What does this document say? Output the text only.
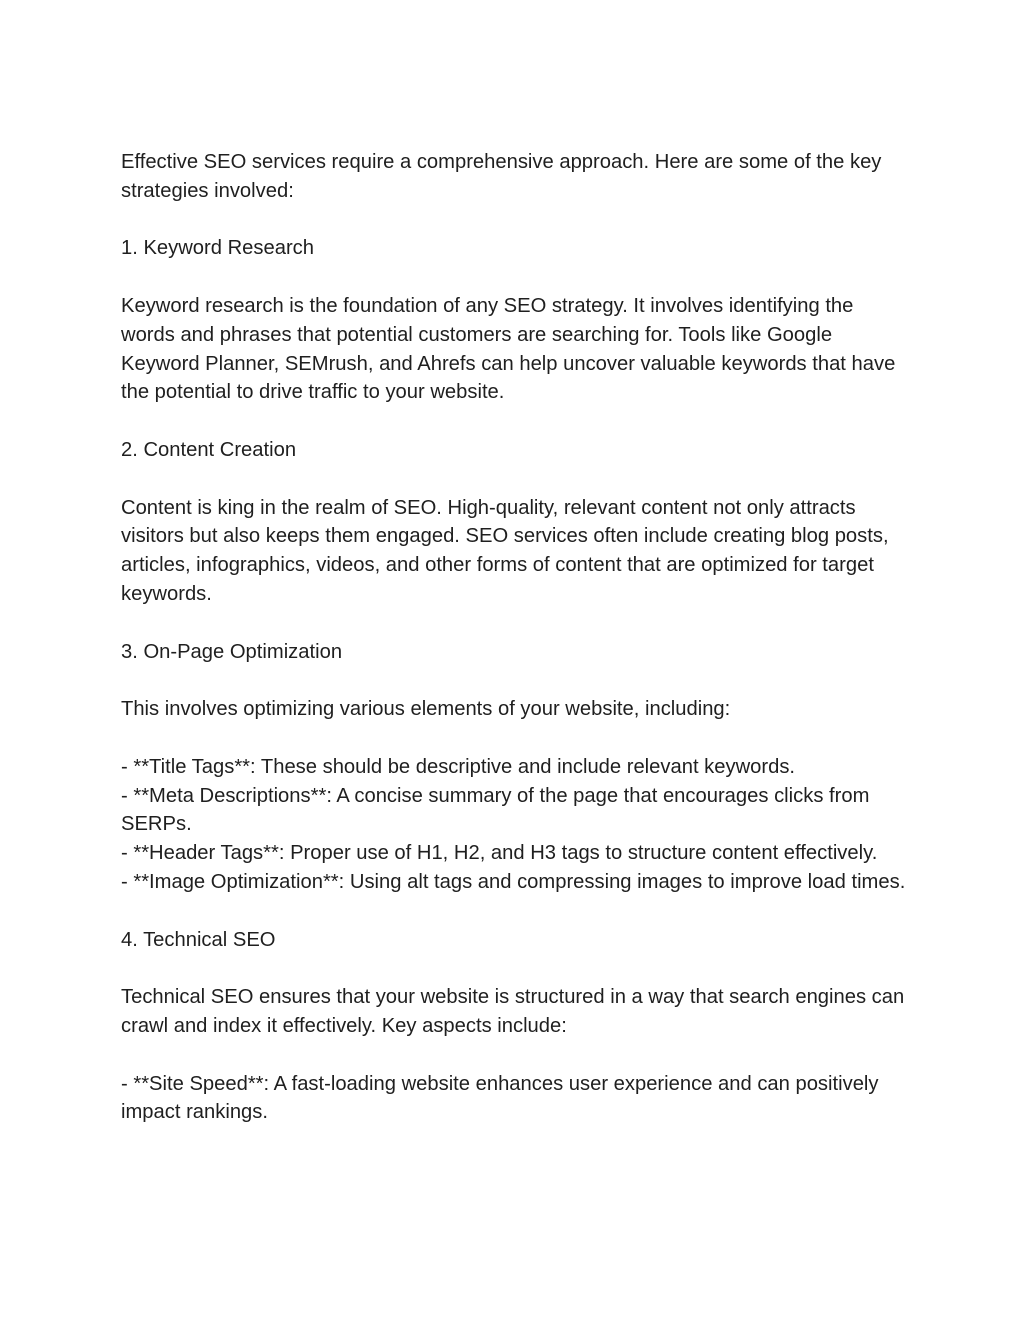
Effective SEO services require a comprehensive approach. Here are some of the key strategies involved:

1. Keyword Research

Keyword research is the foundation of any SEO strategy. It involves identifying the words and phrases that potential customers are searching for. Tools like Google Keyword Planner, SEMrush, and Ahrefs can help uncover valuable keywords that have the potential to drive traffic to your website.

2. Content Creation

Content is king in the realm of SEO. High-quality, relevant content not only attracts visitors but also keeps them engaged. SEO services often include creating blog posts, articles, infographics, videos, and other forms of content that are optimized for target keywords.

3. On-Page Optimization

This involves optimizing various elements of your website, including:

- **Title Tags**: These should be descriptive and include relevant keywords.
- **Meta Descriptions**: A concise summary of the page that encourages clicks from SERPs.
- **Header Tags**: Proper use of H1, H2, and H3 tags to structure content effectively.
- **Image Optimization**: Using alt tags and compressing images to improve load times.

4. Technical SEO

Technical SEO ensures that your website is structured in a way that search engines can crawl and index it effectively. Key aspects include:

- **Site Speed**: A fast-loading website enhances user experience and can positively impact rankings.
